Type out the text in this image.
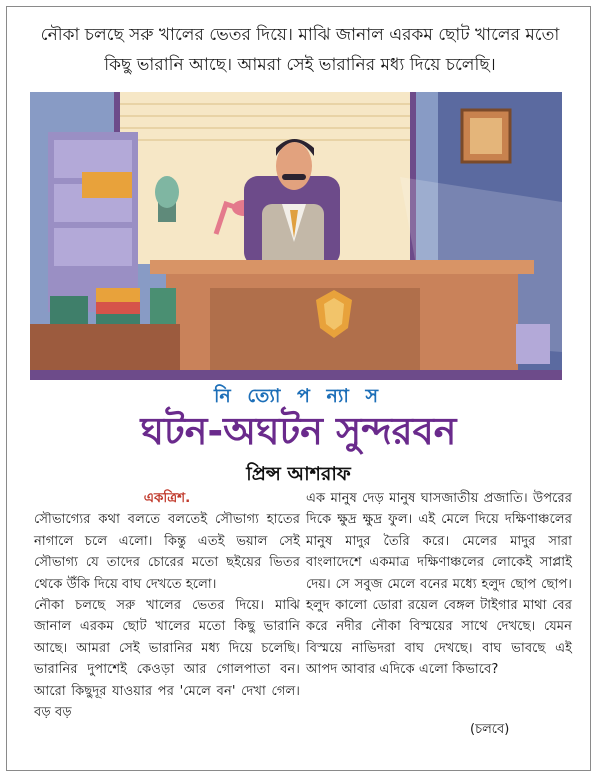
নৌকা চলছে সরু খালের ভেতর দিয়ে। মাঝি জানাল এরকম ছোট খালের মতো কিছু ভারানি আছে। আমরা সেই ভারানির মধ্য দিয়ে চলেছি।
নি ত্যো প ন্যা স
ঘটন-অঘটন সুন্দরবন
প্রিন্স আশরাফ

একত্রিশ.

সৌভাগ্যের কথা বলতে বলতেই সৌভাগ্য হাতের নাগালে চলে এলো। কিন্তু এতই ভয়াল সেই সৌভাগ্য যে তাদের চোরের মতো ছইয়ের ভিতর থেকে উঁকি দিয়ে বাঘ দেখতে হলো।

নৌকা চলছে সরু খালের ভেতর দিয়ে। মাঝি জানাল এরকম ছোট খালের মতো কিছু ভারানি আছে। আমরা সেই ভারানির মধ্য দিয়ে চলেছি। ভারানির দুপাশেই কেওড়া আর গোলপাতা বন। আরো কিছুদূর যাওয়ার পর 'মেলে বন' দেখা গেল। বড় বড়

এক মানুষ দেড় মানুষ ঘাসজাতীয় প্রজাতি। উপরের দিকে ক্ষুদ্র ক্ষুদ্র ফুল। এই মেলে দিয়ে দক্ষিণাঞ্চলের মানুষ মাদুর তৈরি করে। মেলের মাদুর সারা বাংলাদেশে একমাত্র দক্ষিণাঞ্চলের লোকেই সাপ্লাই দেয়। সে সবুজ মেলে বনের মধ্যে হলুদ ছোপ ছোপ। হলুদ কালো ডোরা রয়েল বেঙ্গল টাইগার মাথা বের করে নদীর নৌকা বিস্ময়ের সাথে দেখছে। যেমন বিস্ময়ে নাভিদরা বাঘ দেখছে। বাঘ ভাবছে এই আপদ আবার এদিকে এলো কিভাবে?

(চলবে)
